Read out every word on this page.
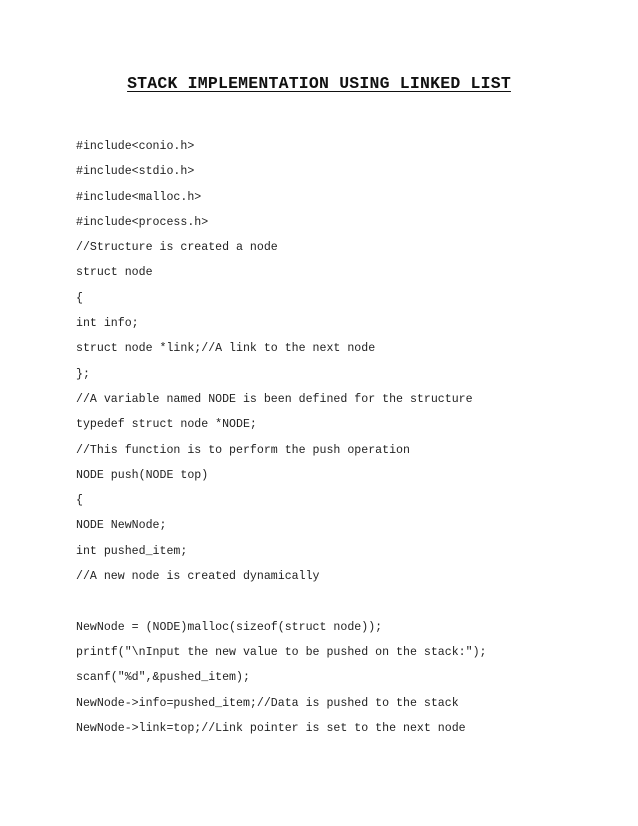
STACK IMPLEMENTATION USING LINKED LIST
#include<conio.h>
#include<stdio.h>
#include<malloc.h>
#include<process.h>
//Structure is created a node
struct node
{
int info;
struct node *link;//A link to the next node
};
//A variable named NODE is been defined for the structure
typedef struct node *NODE;
//This function is to perform the push operation
NODE push(NODE top)
{
NODE NewNode;
int pushed_item;
//A new node is created dynamically
NewNode = (NODE)malloc(sizeof(struct node));
printf("\nInput the new value to be pushed on the stack:");
scanf("%d",&pushed_item);
NewNode->info=pushed_item;//Data is pushed to the stack
NewNode->link=top;//Link pointer is set to the next node
